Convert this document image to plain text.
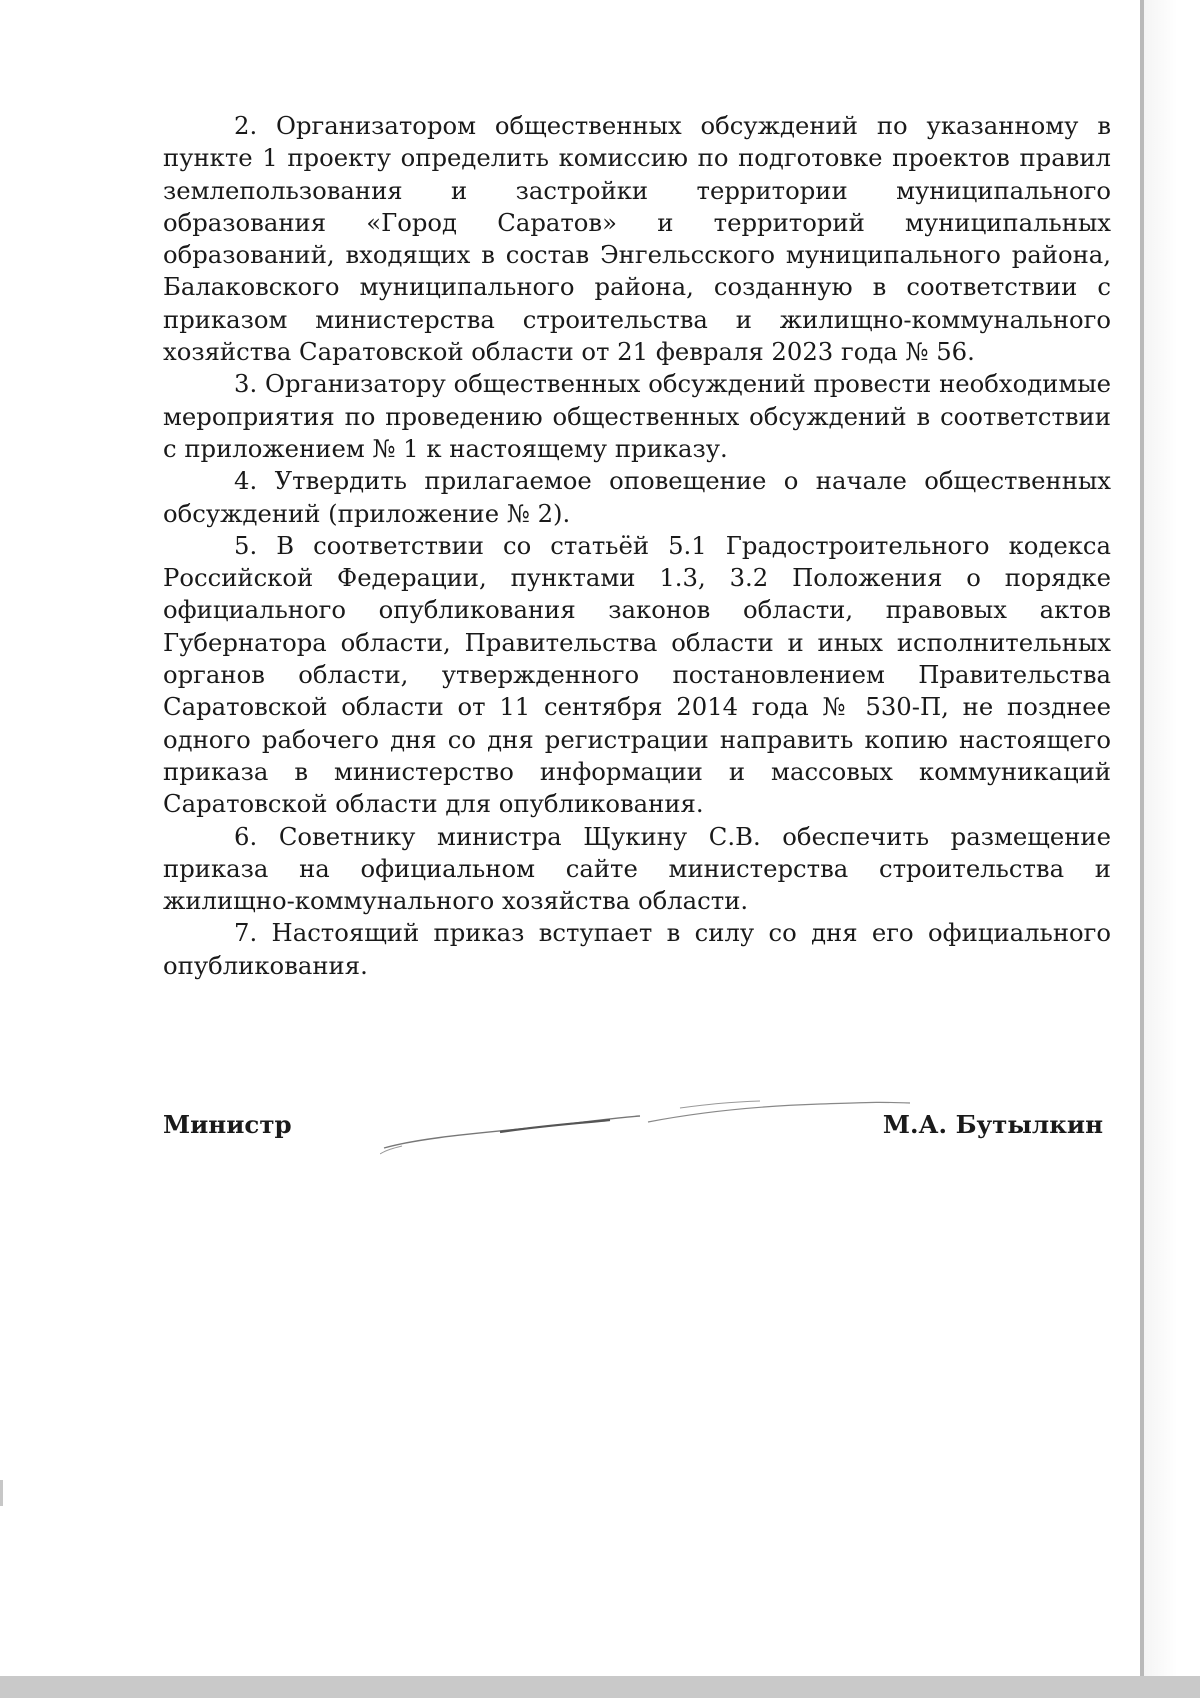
2. Организатором общественных обсуждений по указанному в пункте 1 проекту определить комиссию по подготовке проектов правил землепользования и застройки территории муниципального образования «Город Саратов» и территорий муниципальных образований, входящих в состав Энгельсского муниципального района, Балаковского муниципального района, созданную в соответствии с приказом министерства строительства и жилищно-коммунального хозяйства Саратовской области от 21 февраля 2023 года № 56.

3. Организатору общественных обсуждений провести необходимые мероприятия по проведению общественных обсуждений в соответствии с приложением № 1 к настоящему приказу.

4. Утвердить прилагаемое оповещение о начале общественных обсуждений (приложение № 2).

5. В соответствии со статьёй 5.1 Градостроительного кодекса Российской Федерации, пунктами 1.3, 3.2 Положения о порядке официального опубликования законов области, правовых актов Губернатора области, Правительства области и иных исполнительных органов области, утвержденного постановлением Правительства Саратовской области от 11 сентября 2014 года № 530-П, не позднее одного рабочего дня со дня регистрации направить копию настоящего приказа в министерство информации и массовых коммуникаций Саратовской области для опубликования.

6. Советнику министра Щукину С.В. обеспечить размещение приказа на официальном сайте министерства строительства и жилищно-коммунального хозяйства области.

7. Настоящий приказ вступает в силу со дня его официального опубликования.

Министр	М.А. Бутылкин
